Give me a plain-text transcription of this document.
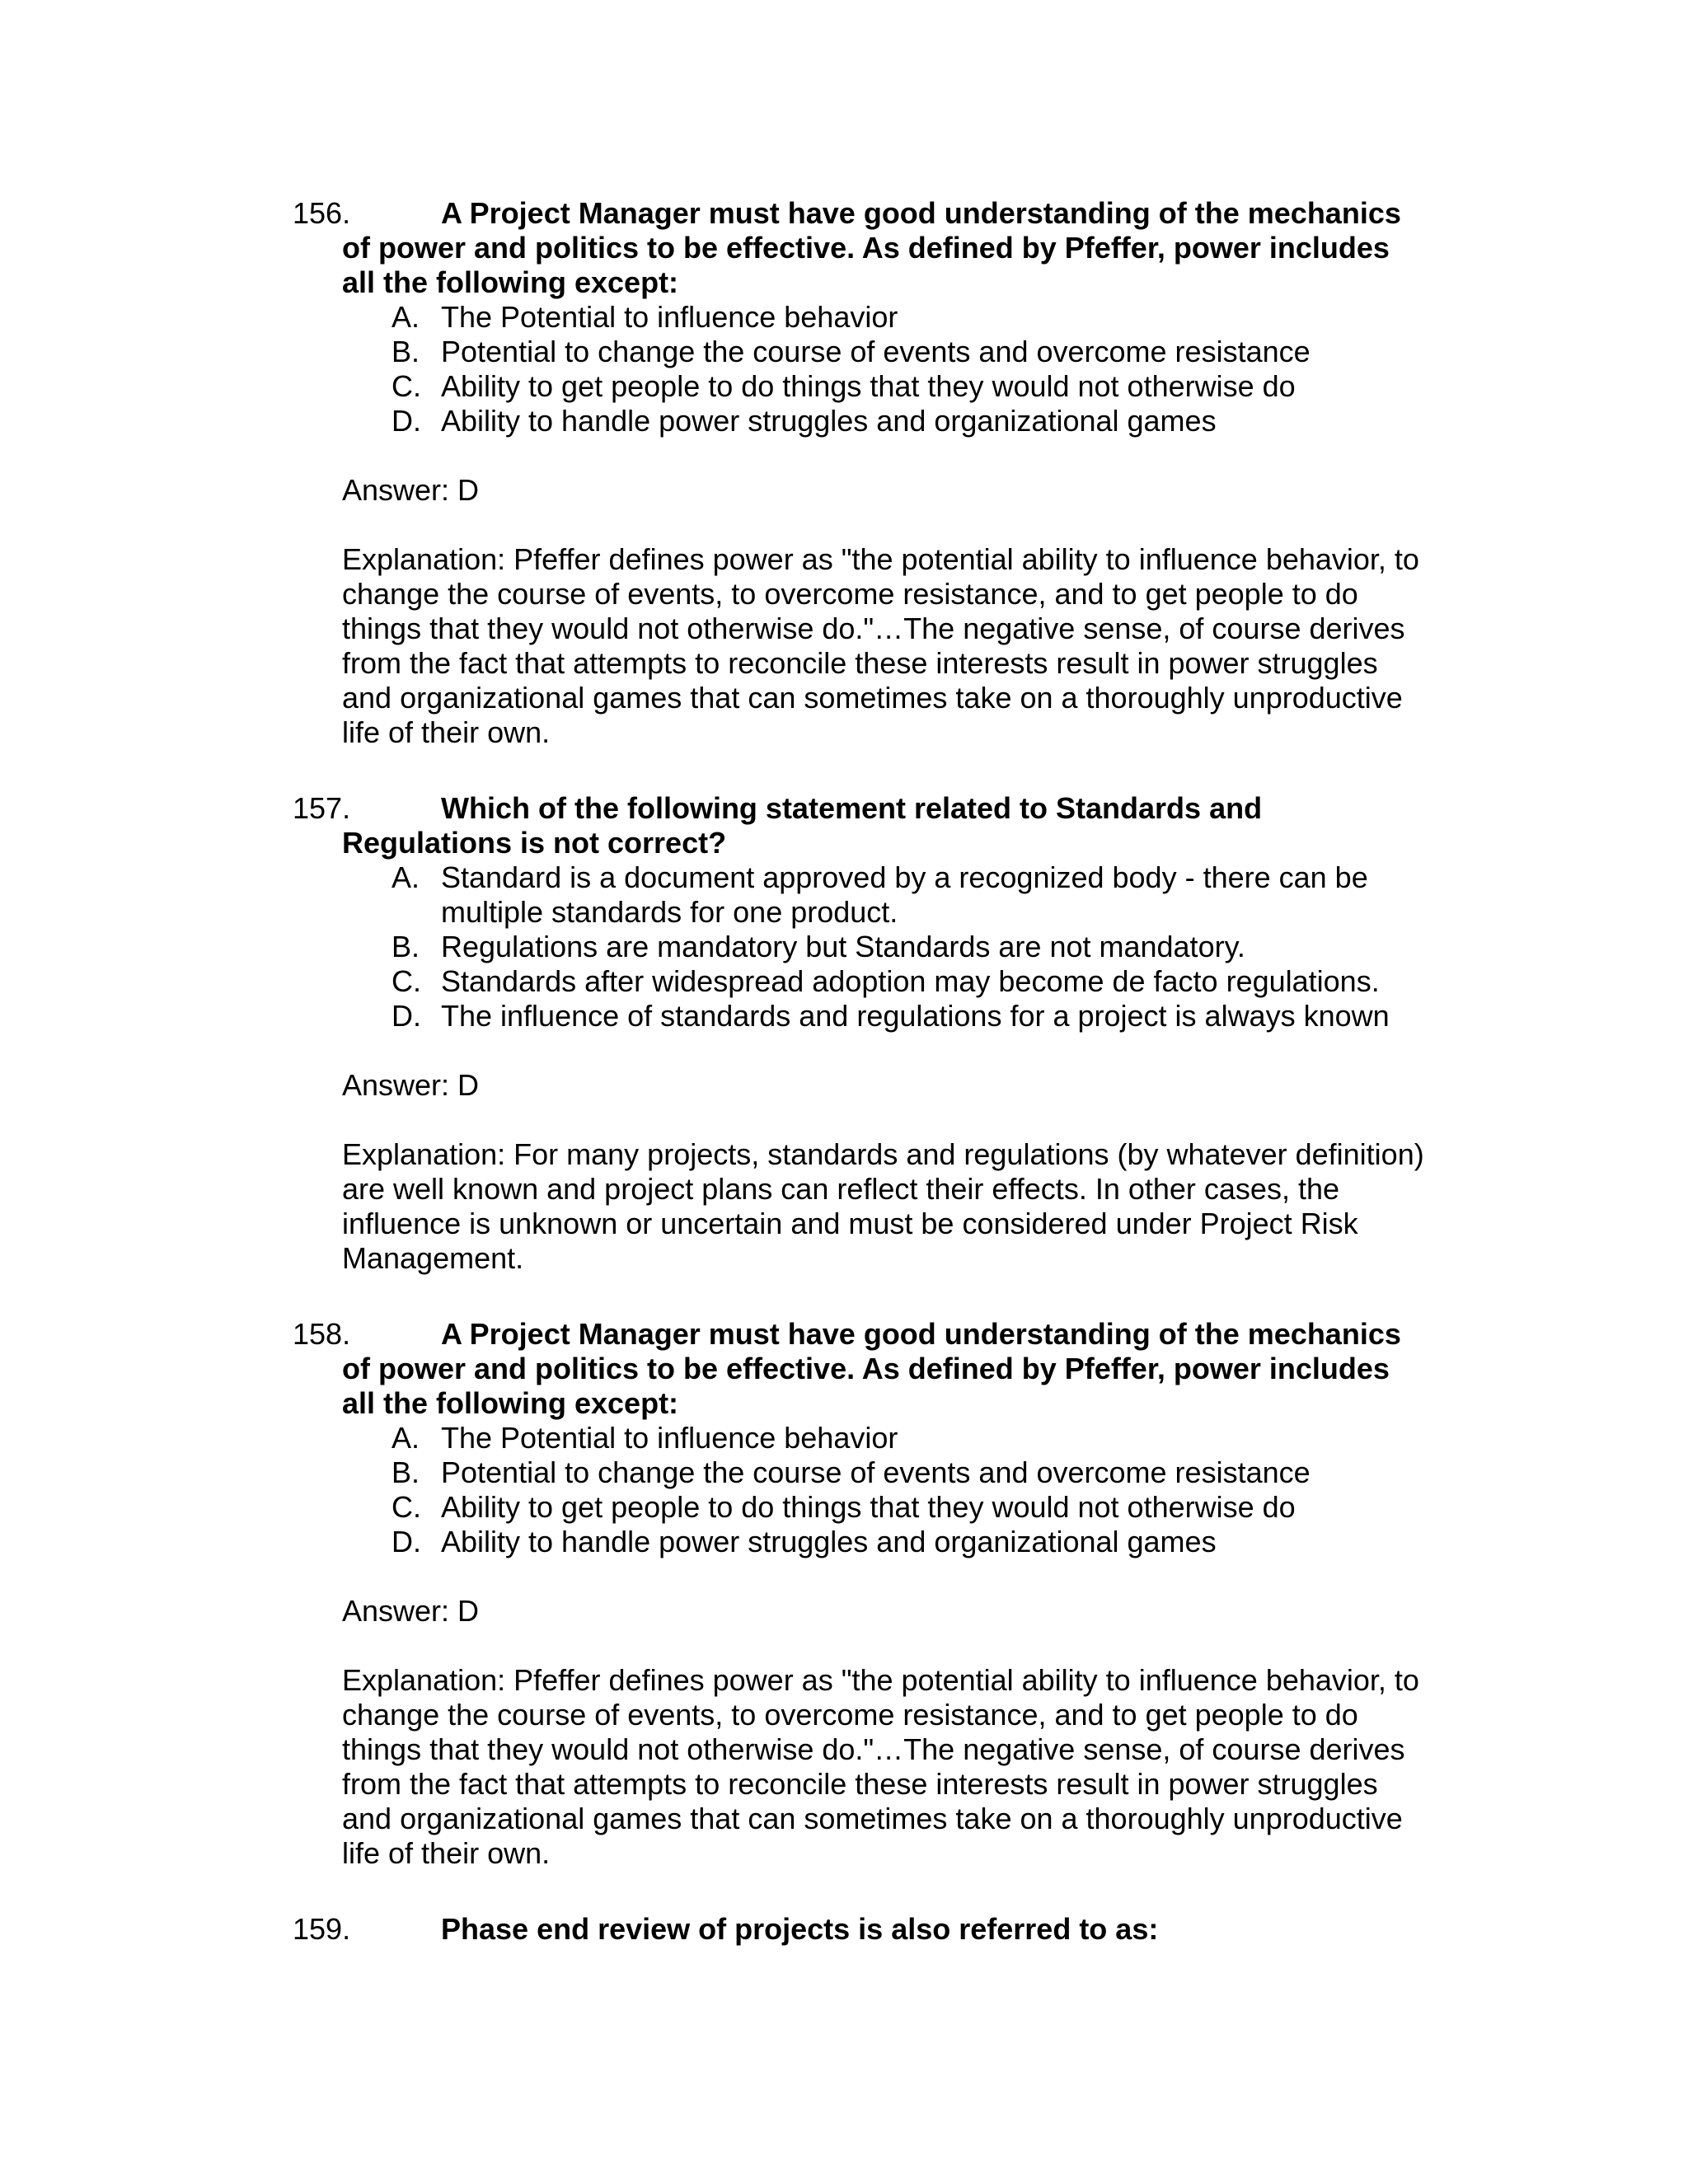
156.	A Project Manager must have good understanding of the mechanics of power and politics to be effective. As defined by Pfeffer, power includes all the following except:
A. The Potential to influence behavior
B. Potential to change the course of events and overcome resistance
C. Ability to get people to do things that they would not otherwise do
D. Ability to handle power struggles and organizational games
Answer: D
Explanation: Pfeffer defines power as "the potential ability to influence behavior, to change the course of events, to overcome resistance, and to get people to do things that they would not otherwise do."…The negative sense, of course derives from the fact that attempts to reconcile these interests result in power struggles and organizational games that can sometimes take on a thoroughly unproductive life of their own.
157.	Which of the following statement related to Standards and Regulations is not correct?
A. Standard is a document approved by a recognized body - there can be multiple standards for one product.
B. Regulations are mandatory but Standards are not mandatory.
C. Standards after widespread adoption may become de facto regulations.
D. The influence of standards and regulations for a project is always known
Answer: D
Explanation: For many projects, standards and regulations (by whatever definition) are well known and project plans can reflect their effects. In other cases, the influence is unknown or uncertain and must be considered under Project Risk Management.
158.	A Project Manager must have good understanding of the mechanics of power and politics to be effective. As defined by Pfeffer, power includes all the following except:
A. The Potential to influence behavior
B. Potential to change the course of events and overcome resistance
C. Ability to get people to do things that they would not otherwise do
D. Ability to handle power struggles and organizational games
Answer: D
Explanation: Pfeffer defines power as "the potential ability to influence behavior, to change the course of events, to overcome resistance, and to get people to do things that they would not otherwise do."…The negative sense, of course derives from the fact that attempts to reconcile these interests result in power struggles and organizational games that can sometimes take on a thoroughly unproductive life of their own.
159.	Phase end review of projects is also referred to as:
